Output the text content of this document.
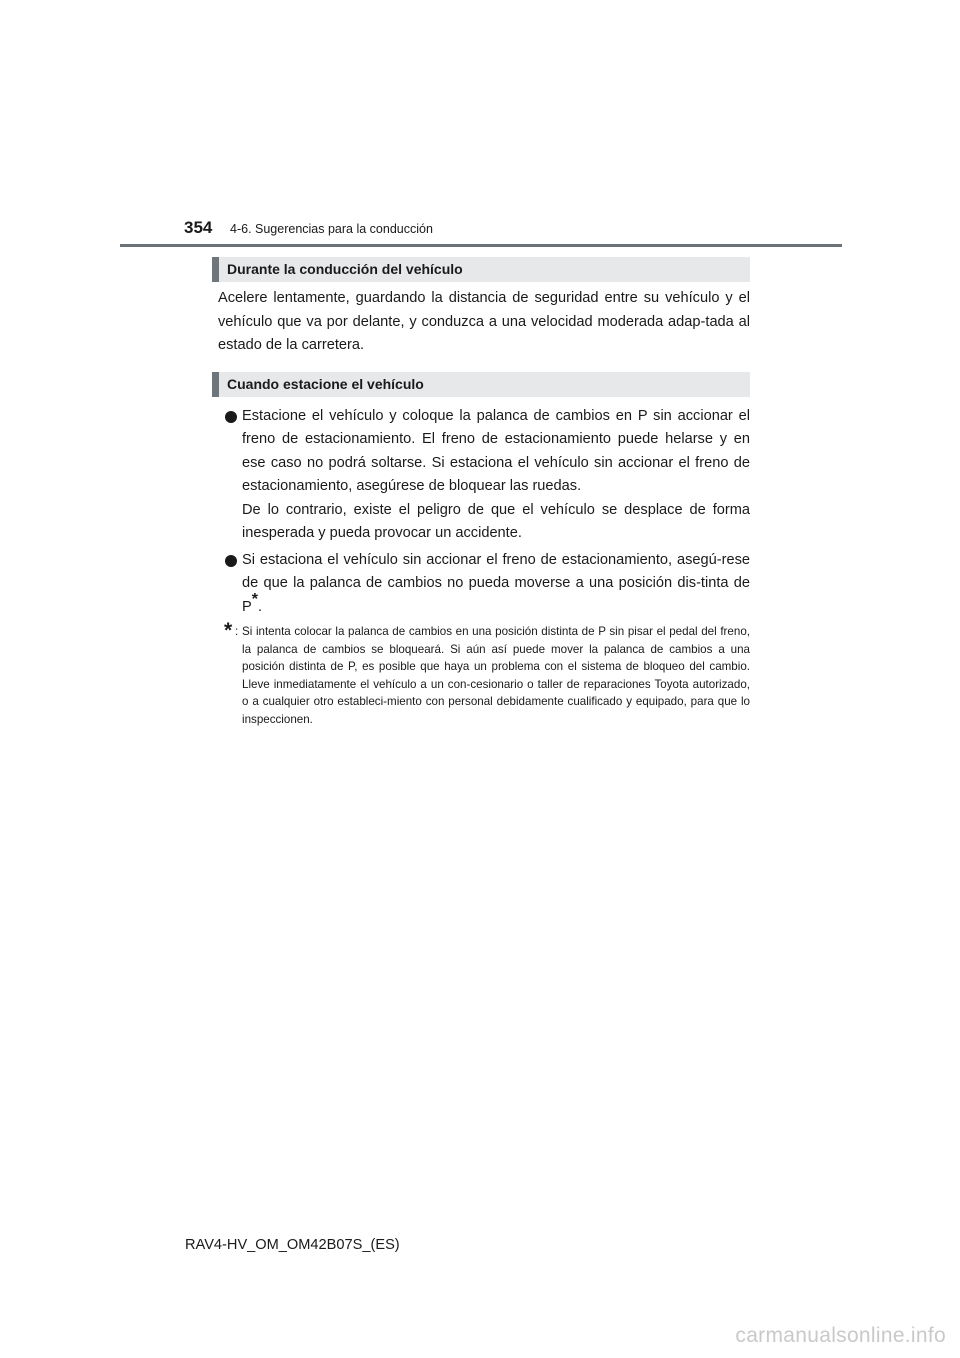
354 4-6. Sugerencias para la conducción
Durante la conducción del vehículo

Acelere lentamente, guardando la distancia de seguridad entre su vehículo y el vehículo que va por delante, y conduzca a una velocidad moderada adap-tada al estado de la carretera.

Cuando estacione el vehículo

Estacione el vehículo y coloque la palanca de cambios en P sin accionar el freno de estacionamiento. El freno de estacionamiento puede helarse y en ese caso no podrá soltarse. Si estaciona el vehículo sin accionar el freno de estacionamiento, asegúrese de bloquear las ruedas.

De lo contrario, existe el peligro de que el vehículo se desplace de forma inesperada y pueda provocar un accidente.

Si estaciona el vehículo sin accionar el freno de estacionamiento, asegú-rese de que la palanca de cambios no pueda moverse a una posición dis-tinta de P*.

* : Si intenta colocar la palanca de cambios en una posición distinta de P sin pisar el pedal del freno, la palanca de cambios se bloqueará. Si aún así puede mover la palanca de cambios a una posición distinta de P, es posible que haya un problema con el sistema de bloqueo del cambio. Lleve inmediatamente el vehículo a un con-cesionario o taller de reparaciones Toyota autorizado, o a cualquier otro estableci-miento con personal debidamente cualificado y equipado, para que lo inspeccionen.
RAV4-HV_OM_OM42B07S_(ES)
carmanualsonline.info
